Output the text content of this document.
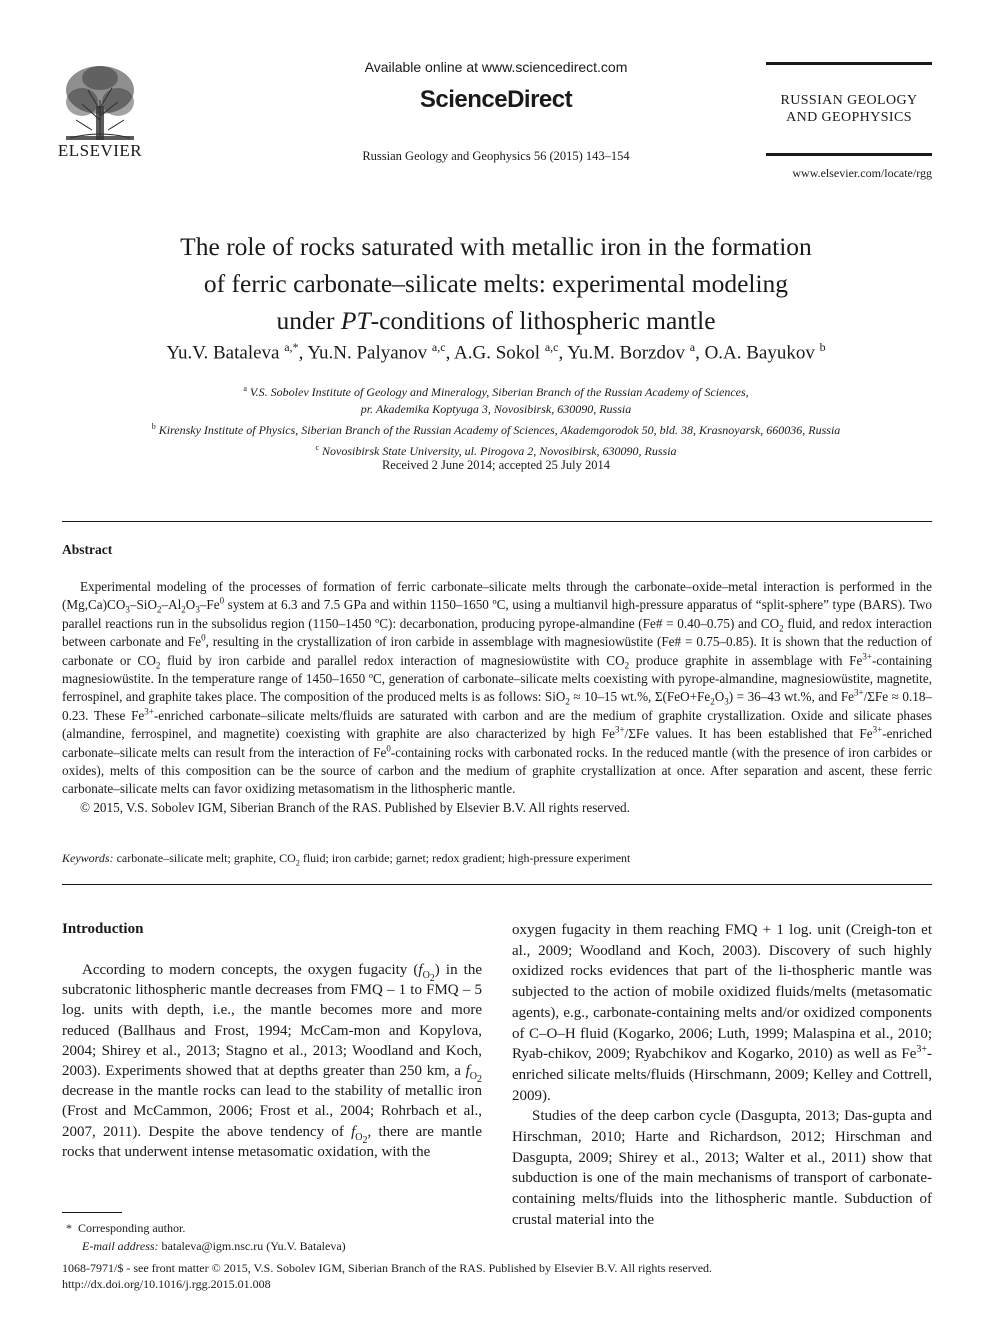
ELSEVIER
Available online at www.sciencedirect.com
ScienceDirect
Russian Geology and Geophysics 56 (2015) 143–154
RUSSIAN GEOLOGY
AND GEOPHYSICS
www.elsevier.com/locate/rgg
The role of rocks saturated with metallic iron in the formation
of ferric carbonate–silicate melts: experimental modeling
under PT-conditions of lithospheric mantle
Yu.V. Bataleva $^{a,*}$, Yu.N. Palyanov $^{a,c}$, A.G. Sokol $^{a,c}$, Yu.M. Borzdov $^a$, O.A. Bayukov $^b$
$^a$ V.S. Sobolev Institute of Geology and Mineralogy, Siberian Branch of the Russian Academy of Sciences,
pr. Akademika Koptyuga 3, Novosibirsk, 630090, Russia
$^b$ Kirensky Institute of Physics, Siberian Branch of the Russian Academy of Sciences, Akademgorodok 50, bld. 38, Krasnoyarsk, 660036, Russia
$^c$ Novosibirsk State University, ul. Pirogova 2, Novosibirsk, 630090, Russia
Received 2 June 2014; accepted 25 July 2014
Abstract

Experimental modeling of the processes of formation of ferric carbonate–silicate melts through the carbonate–oxide–metal interaction is performed in the $(Mg,Ca)CO_3-SiO_2-Al_2O_3-Fe^0$ system at 6.3 and 7.5 GPa and within 1150–1650 ºC, using a multianvil high-pressure apparatus of “split-sphere” type (BARS). Two parallel reactions run in the subsolidus region (1150–1450 ºC): decarbonation, producing pyrope-almandine (Fe# = 0.40–0.75) and $CO_2$ fluid, and redox interaction between carbonate and Fe$^0$, resulting in the crystallization of iron carbide in assemblage with magnesiowüstite (Fe# = 0.75–0.85). It is shown that the reduction of carbonate or $CO_2$ fluid by iron carbide and parallel redox interaction of magnesiowüstite with $CO_2$ produce graphite in assemblage with $Fe^{3+}$-containing magnesiowüstite. In the temperature range of 1450–1650 ºC, generation of carbonate–silicate melts coexisting with pyrope-almandine, magnesiowüstite, magnetite, ferrospinel, and graphite takes place. The composition of the produced melts is as follows: SiO$_2$ ≈ 10–15 wt.%, $\Sigma(FeO+Fe_2O_3) = 36-43$ wt.%, and $Fe^{3+}$/ΣFe ≈ 0.18–0.23. These $Fe^{3+}$-enriched carbonate–silicate melts/fluids are saturated with carbon and are the medium of graphite crystallization. Oxide and silicate phases (almandine, ferrospinel, and magnetite) coexisting with graphite are also characterized by high $Fe^{3+}$/ΣFe values. It has been established that $Fe^{3+}$-enriched carbonate–silicate melts can result from the interaction of Fe$^0$-containing rocks with carbonated rocks. In the reduced mantle (with the presence of iron carbides or oxides), melts of this composition can be the source of carbon and the medium of graphite crystallization at once. After separation and ascent, these ferric carbonate–silicate melts can favor oxidizing metasomatism in the lithospheric mantle.

© 2015, V.S. Sobolev IGM, Siberian Branch of the RAS. Published by Elsevier B.V. All rights reserved.

Keywords: carbonate–silicate melt; graphite, $CO_2$ fluid; iron carbide; garnet; redox gradient; high-pressure experiment
Introduction

According to modern concepts, the oxygen fugacity $(f_{O_2})$ in the subcratonic lithospheric mantle decreases from FMQ – 1 to FMQ – 5 log. units with depth, i.e., the mantle becomes more and more reduced (Ballhaus and Frost, 1994; McCam-mon and Kopylova, 2004; Shirey et al., 2013; Stagno et al., 2013; Woodland and Koch, 2003). Experiments showed that at depths greater than 250 km, a $f_{O_2}$ decrease in the mantle rocks can lead to the stability of metallic iron (Frost and McCammon, 2006; Frost et al., 2004; Rohrbach et al., 2007, 2011). Despite the above tendency of $f_{O_2}$, there are mantle rocks that underwent intense metasomatic oxidation, with the

oxygen fugacity in them reaching FMQ + 1 log. unit (Creigh-ton et al., 2009; Woodland and Koch, 2003). Discovery of such highly oxidized rocks evidences that part of the li-thospheric mantle was subjected to the action of mobile oxidized fluids/melts (metasomatic agents), e.g., carbonate-containing melts and/or oxidized components of C–O–H fluid (Kogarko, 2006; Luth, 1999; Malaspina et al., 2010; Ryab-chikov, 2009; Ryabchikov and Kogarko, 2010) as well as $Fe^{3+}$-enriched silicate melts/fluids (Hirschmann, 2009; Kelley and Cottrell, 2009).

Studies of the deep carbon cycle (Dasgupta, 2013; Das-gupta and Hirschman, 2010; Harte and Richardson, 2012; Hirschman and Dasgupta, 2009; Shirey et al., 2013; Walter et al., 2011) show that subduction is one of the main mechanisms of transport of carbonate-containing melts/fluids into the lithospheric mantle. Subduction of crustal material into the

* Corresponding author.
E-mail address: bataleva@igm.nsc.ru (Yu.V. Bataleva)
1068-7971/$ - see front matter © 2015, V.S. Sobolev IGM, Siberian Branch of the RAS. Published by Elsevier B.V. All rights reserved.
http://dx.doi.org/10.1016/j.rgg.2015.01.008
